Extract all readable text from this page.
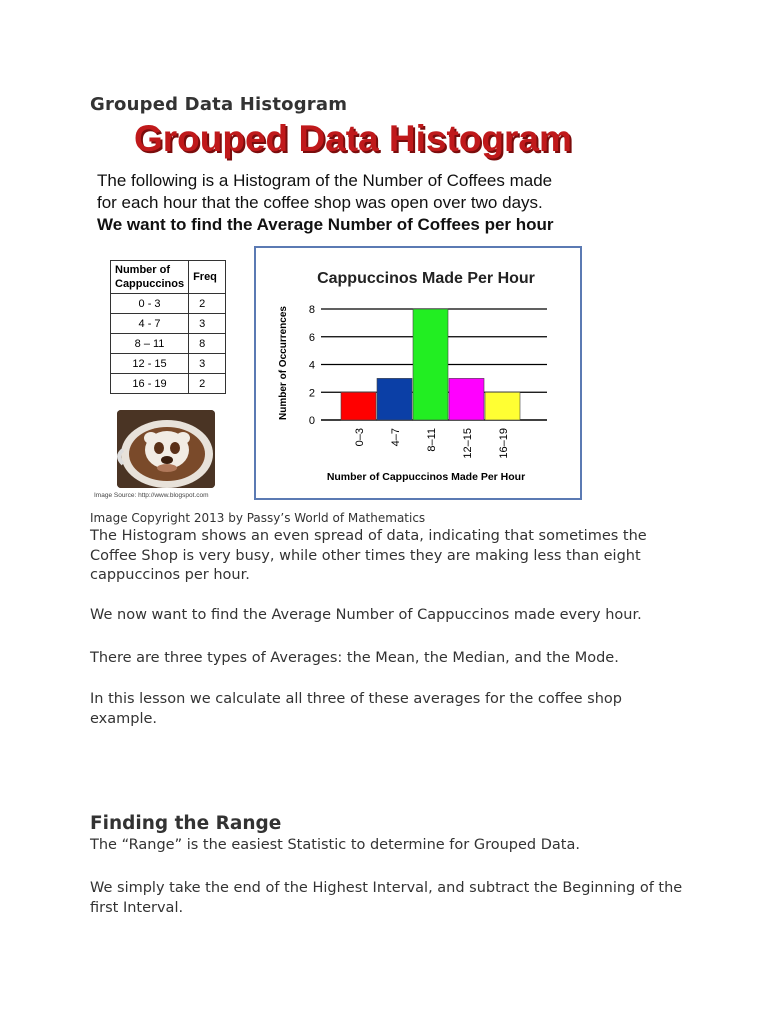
Grouped Data Histogram
Grouped Data Histogram
The following is a Histogram of the Number of Coffees made
for each hour that the coffee shop was open over two days.
We want to find the Average Number of Coffees per hour
Number of Cappuccinos	Freq
0 - 3	2
4 - 7	3
8 – 11	8
12 - 15	3
16 - 19	2
Image Source: http://www.blogspot.com
Cappuccinos Made Per Hour
0
2
4
6
8
0–3 4–7 8–11 12–15 16–19
Number of Occurrences
Number of Cappuccinos Made Per Hour

Image Copyright 2013 by Passy’s World of Mathematics

The Histogram shows an even spread of data, indicating that sometimes the Coffee Shop is very busy, while other times they are making less than eight cappuccinos per hour.

We now want to find the Average Number of Cappuccinos made every hour.

There are three types of Averages: the Mean, the Median, and the Mode.

In this lesson we calculate all three of these averages for the coffee shop example.

Finding the Range

The “Range” is the easiest Statistic to determine for Grouped Data.

We simply take the end of the Highest Interval, and subtract the Beginning of the first Interval.
